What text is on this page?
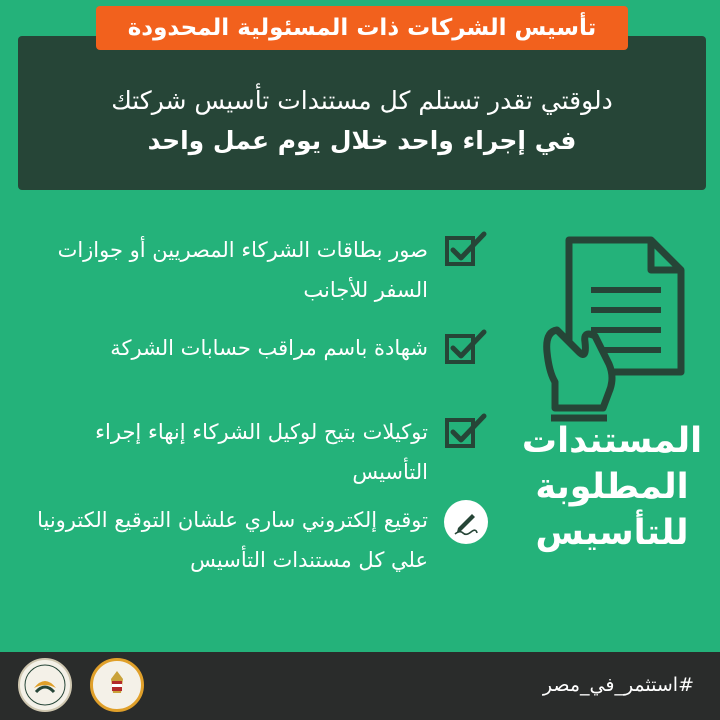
تأسيس الشركات ذات المسئولية المحدودة
دلوقتي تقدر تستلم كل مستندات تأسيس شركتك
في إجراء واحد خلال يوم عمل واحد
صور بطاقات الشركاء المصريين أو جوازات السفر للأجانب
شهادة باسم مراقب حسابات الشركة
توكيلات بتيح لوكيل الشركاء إنهاء إجراء التأسيس
توقيع إلكتروني ساري علشان التوقيع الكترونيا علي كل مستندات التأسيس
المستندات المطلوبة للتأسيس
#استثمر_في_مصر
